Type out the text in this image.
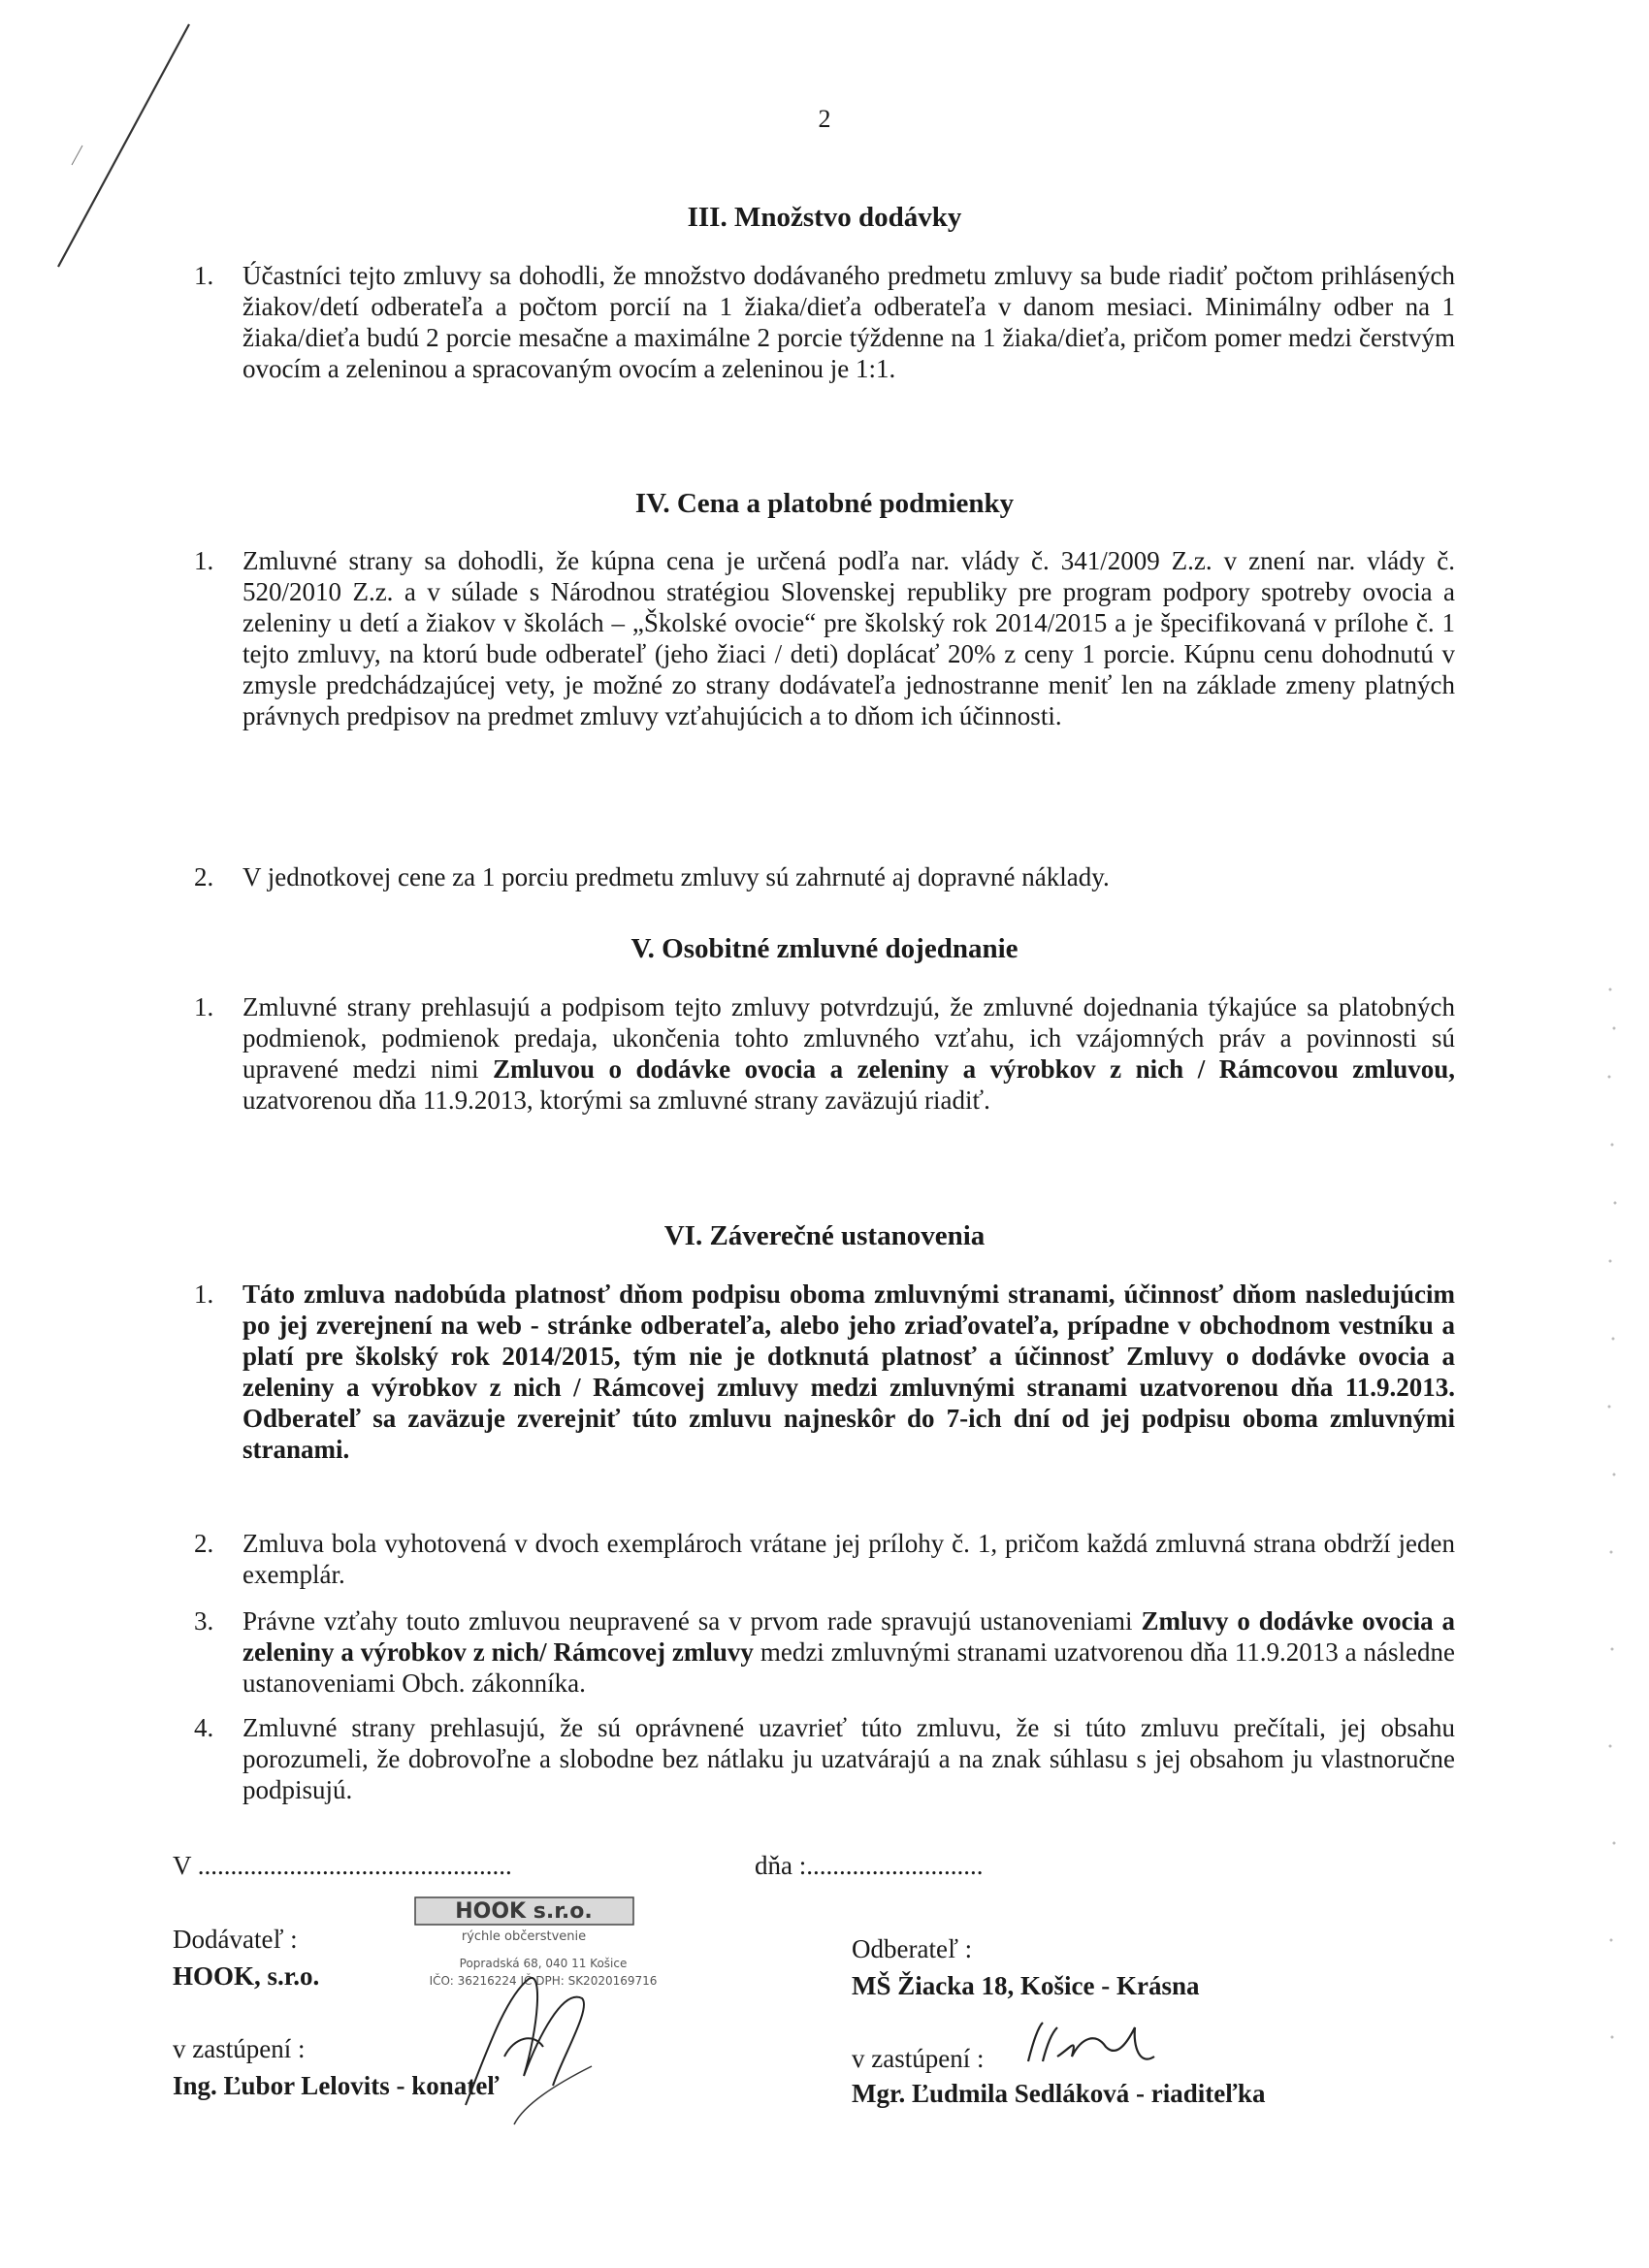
2
III. Množstvo dodávky
1. Účastníci tejto zmluvy sa dohodli, že množstvo dodávaného predmetu zmluvy sa bude riadiť počtom prihlásených žiakov/detí odberateľa a počtom porcií na 1 žiaka/dieťa odberateľa v danom mesiaci. Minimálny odber na 1 žiaka/dieťa budú 2 porcie mesačne a maximálne 2 porcie týždenne na 1 žiaka/dieťa, pričom pomer medzi čerstvým ovocím a zeleninou a spracovaným ovocím a zeleninou je 1:1.
IV. Cena a platobné podmienky
1. Zmluvné strany sa dohodli, že kúpna cena je určená podľa nar. vlády č. 341/2009 Z.z. v znení nar. vlády č. 520/2010 Z.z. a v súlade s Národnou stratégiou Slovenskej republiky pre program podpory spotreby ovocia a zeleniny u detí a žiakov v školách – „Školské ovocie“ pre školský rok 2014/2015 a je špecifikovaná v prílohe č. 1 tejto zmluvy, na ktorú bude odberateľ (jeho žiaci / deti) doplácať 20% z ceny 1 porcie. Kúpnu cenu dohodnutú v zmysle predchádzajúcej vety, je možné zo strany dodávateľa jednostranne meniť len na základe zmeny platných právnych predpisov na predmet zmluvy vzťahujúcich a to dňom ich účinnosti.
2. V jednotkovej cene za 1 porciu predmetu zmluvy sú zahrnuté aj dopravné náklady.
V. Osobitné zmluvné dojednanie
1. Zmluvné strany prehlasujú a podpisom tejto zmluvy potvrdzujú, že zmluvné dojednania týkajúce sa platobných podmienok, podmienok predaja, ukončenia tohto zmluvného vzťahu, ich vzájomných práv a povinnosti sú upravené medzi nimi Zmluvou o dodávke ovocia a zeleniny a výrobkov z nich / Rámcovou zmluvou, uzatvorenou dňa 11.9.2013, ktorými sa zmluvné strany zaväzujú riadiť.
VI. Záverečné ustanovenia
1. Táto zmluva nadobúda platnosť dňom podpisu oboma zmluvnými stranami, účinnosť dňom nasledujúcim po jej zverejnení na web - stránke odberateľa, alebo jeho zriaďovateľa, prípadne v obchodnom vestníku a platí pre školský rok 2014/2015, tým nie je dotknutá platnosť a účinnosť Zmluvy o dodávke ovocia a zeleniny a výrobkov z nich / Rámcovej zmluvy medzi zmluvnými stranami uzatvorenou dňa 11.9.2013. Odberateľ sa zaväzuje zverejniť túto zmluvu najneskôr do 7-ich dní od jej podpisu oboma zmluvnými stranami.
2. Zmluva bola vyhotovená v dvoch exemplároch vrátane jej prílohy č. 1, pričom každá zmluvná strana obdrží jeden exemplár.
3. Právne vzťahy touto zmluvou neupravené sa v prvom rade spravujú ustanoveniami Zmluvy o dodávke ovocia a zeleniny a výrobkov z nich/ Rámcovej zmluvy medzi zmluvnými stranami uzatvorenou dňa 11.9.2013 a následne ustanoveniami Obch. zákonníka.
4. Zmluvné strany prehlasujú, že sú oprávnené uzavrieť túto zmluvu, že si túto zmluvu prečítali, jej obsahu porozumeli, že dobrovoľne a slobodne bez nátlaku ju uzatvárajú a na znak súhlasu s jej obsahom ju vlastnoručne podpisujú.
V ................................................	dňa :...........................
Dodávateľ :
HOOK, s.r.o.
v zastúpení :
Ing. Ľubor Lelovits - konateľ
Odberateľ :
MŠ Žiacka 18, Košice - Krásna
v zastúpení :
Mgr. Ľudmila Sedláková - riaditeľka
HOOK s.r.o.
rýchle občerstvenie
Popradská 68, 040 11 Košice
IČO: 36216224 IČ DPH: SK2020169716
